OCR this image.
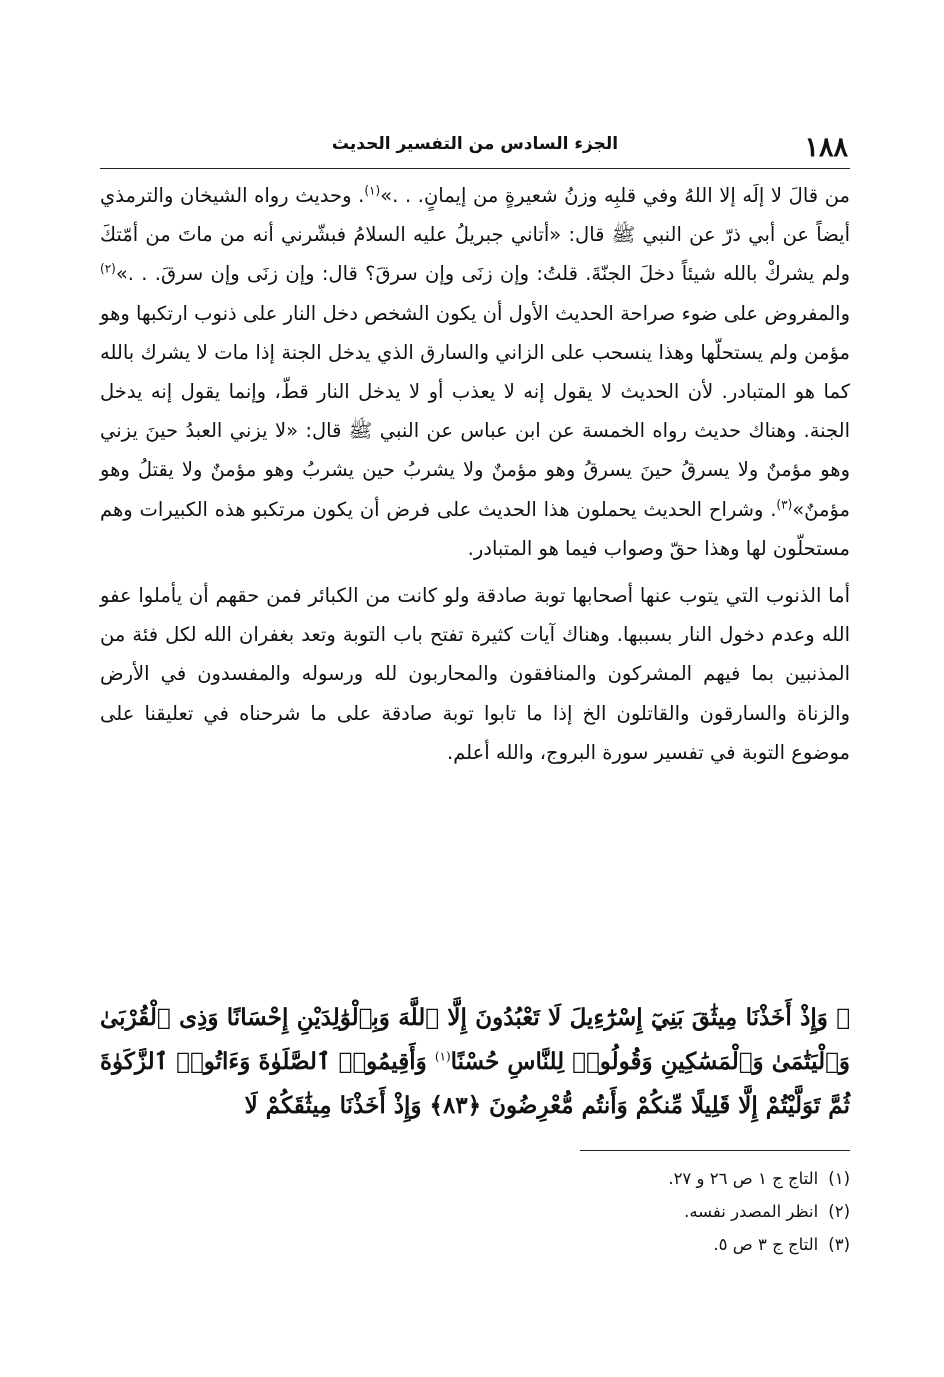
١٨٨
الجزء السادس من التفسير الحديث

من قالَ لا إلَه إلا اللهُ وفي قلبِه وزنُ شعيرةٍ من إيمانٍ. . .»$^{(١)}$. وحديث رواه الشيخان والترمذي أيضاً عن أبي ذرّ عن النبي ﷺ قال: «أتاني جبريلُ عليه السلامُ فبشّرني أنه من ماتَ من أمّتكَ ولم يشركْ بالله شيئاً دخلَ الجنّةَ. قلتُ: وإن زنَى وإن سرقَ؟ قال: وإن زنَى وإن سرقَ. . .»$^{(٢)}$ والمفروض على ضوء صراحة الحديث الأول أن يكون الشخص دخل النار على ذنوب ارتكبها وهو مؤمن ولم يستحلّها وهذا ينسحب على الزاني والسارق الذي يدخل الجنة إذا مات لا يشرك بالله كما هو المتبادر. لأن الحديث لا يقول إنه لا يعذب أو لا يدخل النار قطّ، وإنما يقول إنه يدخل الجنة. وهناك حديث رواه الخمسة عن ابن عباس عن النبي ﷺ قال: «لا يزني العبدُ حينَ يزني وهو مؤمنٌ ولا يسرقُ حينَ يسرقُ وهو مؤمنٌ ولا يشربُ حين يشربُ وهو مؤمنٌ ولا يقتلُ وهو مؤمنٌ»$^{(٣)}$. وشراح الحديث يحملون هذا الحديث على فرض أن يكون مرتكبو هذه الكبيرات وهم مستحلّون لها وهذا حقّ وصواب فيما هو المتبادر.

أما الذنوب التي يتوب عنها أصحابها توبة صادقة ولو كانت من الكبائر فمن حقهم أن يأملوا عفو الله وعدم دخول النار بسببها. وهناك آيات كثيرة تفتح باب التوبة وتعد بغفران الله لكل فئة من المذنبين بما فيهم المشركون والمنافقون والمحاربون لله ورسوله والمفسدون في الأرض والزناة والسارقون والقاتلون الخ إذا ما تابوا توبة صادقة على ما شرحناه في تعليقنا على موضوع التوبة في تفسير سورة البروج، والله أعلم.

﴿ وَإِذْ أَخَذْنَا مِيثَٰقَ بَنِيٓ إِسْرَٰٓءِيلَ لَا تَعْبُدُونَ إِلَّا ٱللَّهَ وَبِٱلْوَٰلِدَيْنِ إِحْسَانًا وَذِى ٱلْقُرْبَىٰ وَٱلْيَتَٰمَىٰ وَٱلْمَسَٰكِينِ وَقُولُوا۟ لِلنَّاسِ حُسْنًا$^{(١)}$ وَأَقِيمُوا۟ ٱلصَّلَوٰةَ وَءَاتُوا۟ ٱلزَّكَوٰةَ ثُمَّ تَوَلَّيْتُمْ إِلَّا قَلِيلًا مِّنكُمْ وَأَنتُم مُّعْرِضُونَ ﴿٨٣﴾ وَإِذْ أَخَذْنَا مِيثَٰقَكُمْ لَا
(١)التاج ج ١ ص ٢٦ و ٢٧.
(٢)انظر المصدر نفسه.
(٣)التاج ج ٣ ص ٥.
